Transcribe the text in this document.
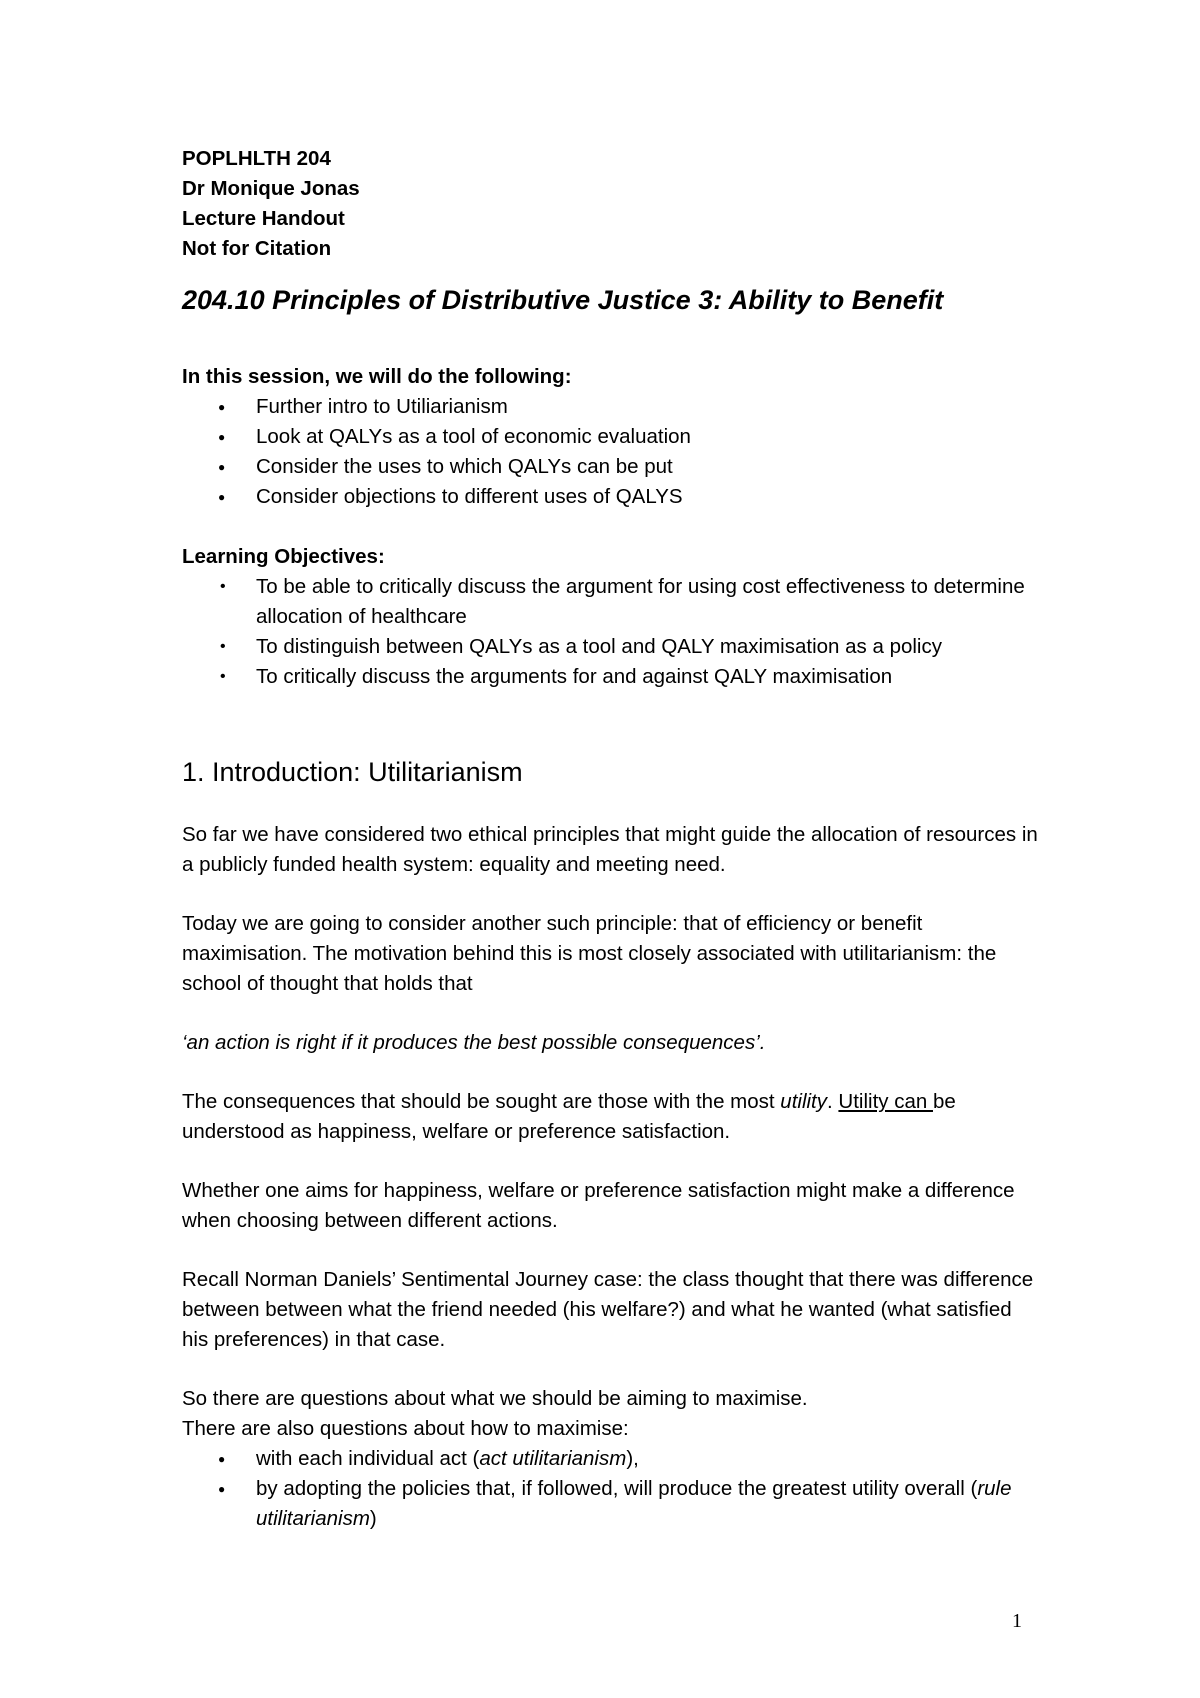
POPLHLTH 204
Dr Monique Jonas
Lecture Handout
Not for Citation
204.10 Principles of Distributive Justice 3: Ability to Benefit
In this session, we will do the following:
● Further intro to Utiliarianism
● Look at QALYs as a tool of economic evaluation
● Consider the uses to which QALYs can be put
● Consider objections to different uses of QALYS
Learning Objectives:
• To be able to critically discuss the argument for using cost effectiveness to determine allocation of healthcare
• To distinguish between QALYs as a tool and QALY maximisation as a policy
• To critically discuss the arguments for and against QALY maximisation
1. Introduction: Utilitarianism

So far we have considered two ethical principles that might guide the allocation of resources in a publicly funded health system: equality and meeting need.

Today we are going to consider another such principle: that of efficiency or benefit maximisation. The motivation behind this is most closely associated with utilitarianism: the school of thought that holds that

‘an action is right if it produces the best possible consequences’.

The consequences that should be sought are those with the most utility. Utility can be understood as happiness, welfare or preference satisfaction.

Whether one aims for happiness, welfare or preference satisfaction might make a difference when choosing between different actions.

Recall Norman Daniels’ Sentimental Journey case: the class thought that there was difference between between what the friend needed (his welfare?) and what he wanted (what satisfied his preferences) in that case.

So there are questions about what we should be aiming to maximise.

There are also questions about how to maximise:

● with each individual act (act utilitarianism),
● by adopting the policies that, if followed, will produce the greatest utility overall (rule utilitarianism)
1
